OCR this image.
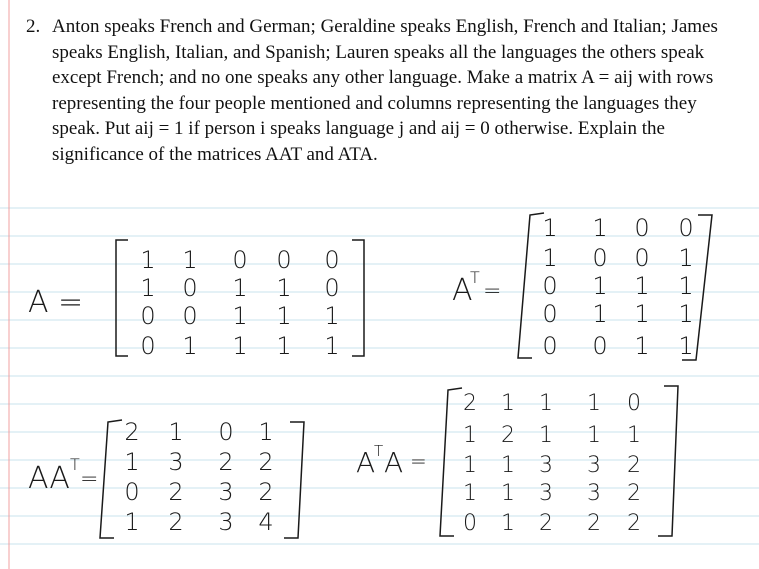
2. Anton speaks French and German; Geraldine speaks English, French and Italian; James speaks English, Italian, and Spanish; Lauren speaks all the languages the others speak except French; and no one speaks any other language. Make a matrix A = aij with rows representing the four people mentioned and columns representing the languages they speak. Put aij = 1 if person i speaks language j and aij = 0 otherwise. Explain the significance of the matrices AAT and ATA.
A =
1 1 0 0 0
1 0 1 1 0
0 0 1 1 1
0 1 1 1 1
A
T
=
1 1 0 0
1 0 0 1
0 1 1 1
0 1 1 1
0 0 1 1
AA T
=
2 1 0 1
1 3 2 2
0 2 3 2
1 2 3 4
A
T A =
2 1 1 1 0
1 2 1 1 1
1 1 3 3 2
1 1 3 3 2
0 1 2 2 2
